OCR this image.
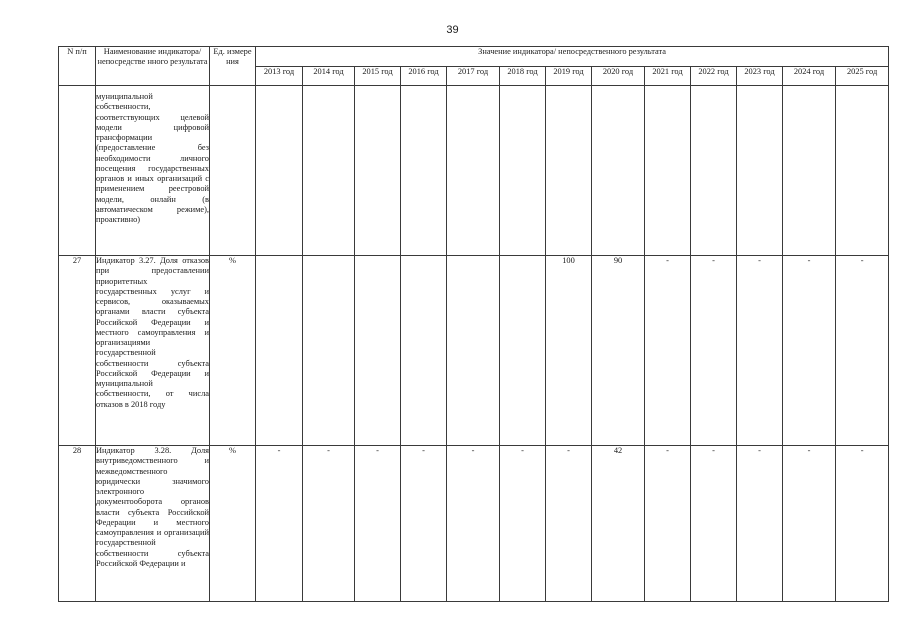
39
N п/п	Наименование индикатора/непосредстве нного результата	Ед. измере ния	Значение индикатора/ непосредственного результата												
			2013 год	2014 год	2015 год	2016 год	2017 год	2018 год	2019 год	2020 год	2021 год	2022 год	2023 год	2024 год	2025 год
	муниципальной собственности, соответствующих целевой модели цифровой трансформации (предоставление без необходимости личного посещения государственных органов и иных организаций с применением реестровой модели, онлайн (в автоматическом режиме), проактивно)														
27	Индикатор 3.27. Доля отказов при предоставлении приоритетных государственных услуг и сервисов, оказываемых органами власти субъекта Российской Федерации и местного самоуправления и организациями государственной собственности субъекта Российской Федерации и муниципальной собственности, от числа отказов в 2018 году	%							100	90	-	-	-	-	-
28	Индикатор 3.28. Доля внутриведомственного и межведомственного юридически значимого электронного документооборота органов власти субъекта Российской Федерации и местного самоуправления и организаций государственной собственности субъекта Российской Федерации и	%	-	-	-	-	-	-	-	42	-	-	-	-	-
